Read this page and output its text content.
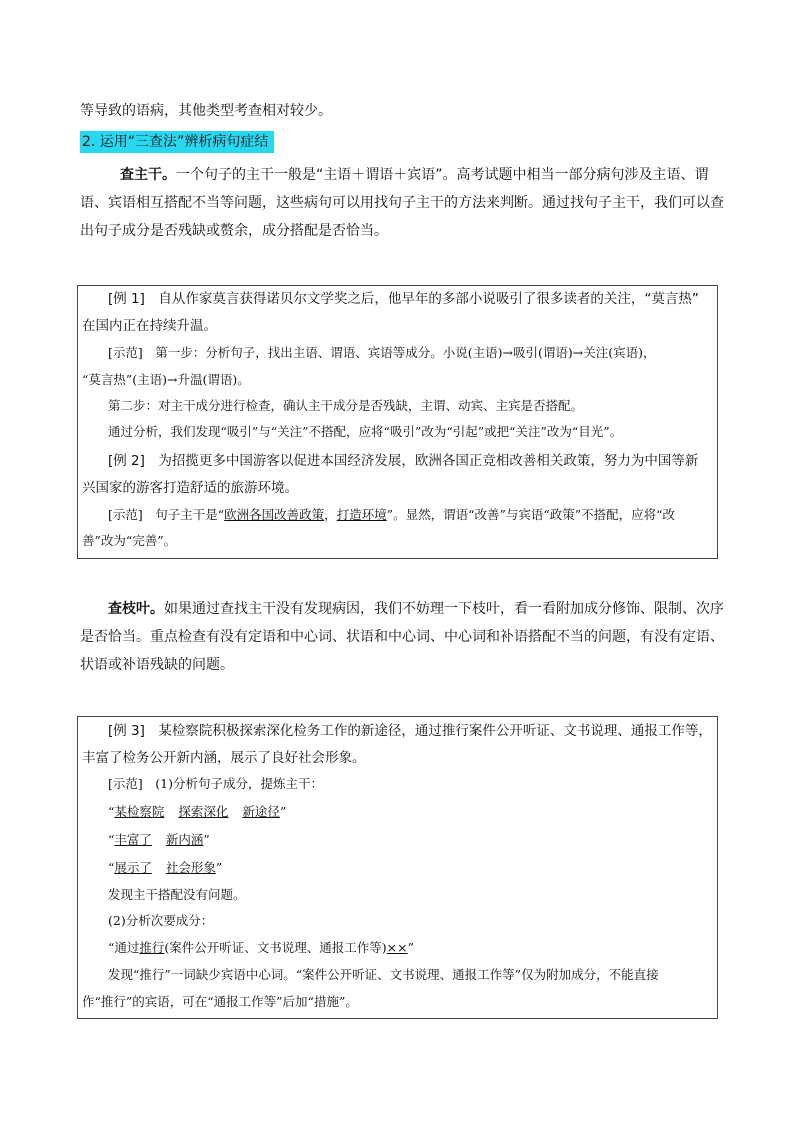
等导致的语病，其他类型考查相对较少。
2. 运用“三查法”辨析病句症结
查主干。一个句子的主干一般是“主语＋谓语＋宾语”。高考试题中相当一部分病句涉及主语、谓
语、宾语相互搭配不当等问题，这些病句可以用找句子主干的方法来判断。通过找句子主干，我们可以查
出句子成分是否残缺或赘余，成分搭配是否恰当。
[例 1]　自从作家莫言获得诺贝尔文学奖之后，他早年的多部小说吸引了很多读者的关注，“莫言热”
在国内正在持续升温。
[示范]　第一步：分析句子，找出主语、谓语、宾语等成分。小说(主语)→吸引(谓语)→关注(宾语)，
“莫言热”(主语)→升温(谓语)。
第二步：对主干成分进行检查，确认主干成分是否残缺，主谓、动宾、主宾是否搭配。
通过分析，我们发现“吸引”与“关注”不搭配，应将“吸引”改为“引起”或把“关注”改为“目光”。
[例 2]　为招揽更多中国游客以促进本国经济发展，欧洲各国正竞相改善相关政策，努力为中国等新
兴国家的游客打造舒适的旅游环境。
[示范]　句子主干是“欧洲各国改善政策，打造环境”。显然，谓语“改善”与宾语“政策”不搭配，应将“改
善”改为“完善”。
查枝叶。如果通过查找主干没有发现病因，我们不妨理一下枝叶，看一看附加成分修饰、限制、次序
是否恰当。重点检查有没有定语和中心词、状语和中心词、中心词和补语搭配不当的问题，有没有定语、
状语或补语残缺的问题。
[例 3]　某检察院积极探索深化检务工作的新途径，通过推行案件公开听证、文书说理、通报工作等，
丰富了检务公开新内涵，展示了良好社会形象。
[示范]　(1)分析句子成分，提炼主干：
“某检察院 探索深化 新途径”
“丰富了 新内涵”
“展示了 社会形象”
发现主干搭配没有问题。
(2)分析次要成分：
“通过推行(案件公开听证、文书说理、通报工作等)××”
发现“推行”一词缺少宾语中心词。“案件公开听证、文书说理、通报工作等”仅为附加成分，不能直接
作“推行”的宾语，可在“通报工作等”后加“措施”。
